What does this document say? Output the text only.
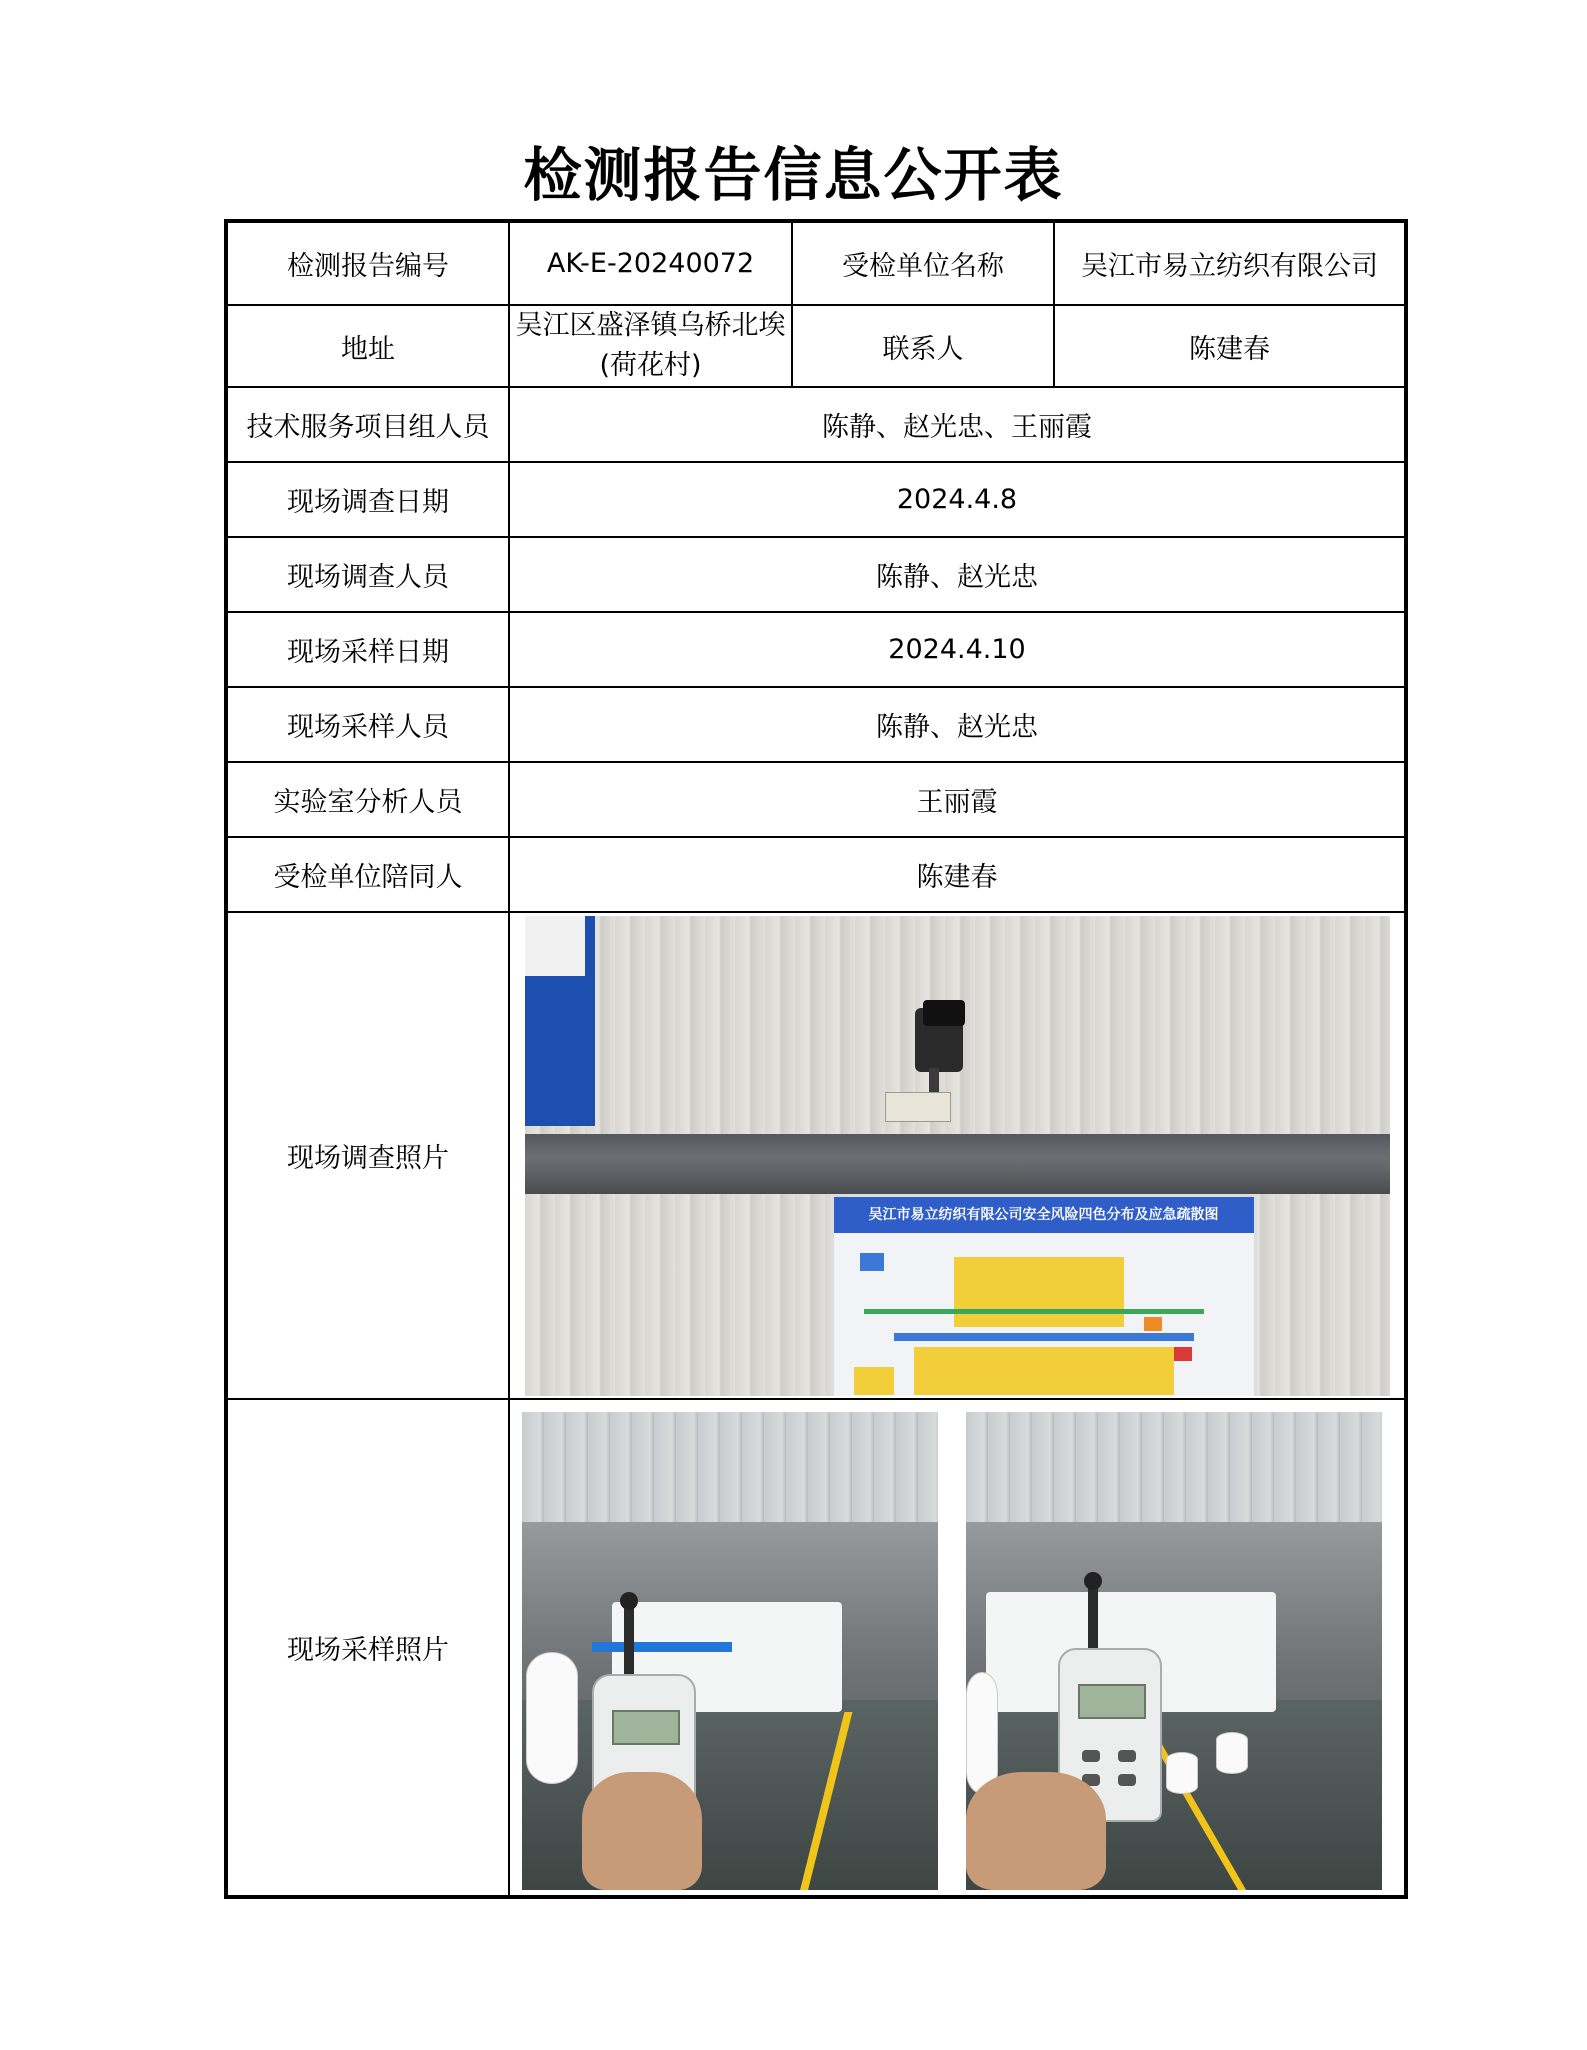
检测报告信息公开表
检测报告编号	AK-E-20240072	受检单位名称	吴江市易立纺织有限公司
地址	吴江区盛泽镇乌桥北埃(荷花村)	联系人	陈建春
技术服务项目组人员	陈静、赵光忠、王丽霞		
现场调查日期	2024.4.8		
现场调查人员	陈静、赵光忠		
现场采样日期	2024.4.10		
现场采样人员	陈静、赵光忠		
实验室分析人员	王丽霞		
受检单位陪同人	陈建春		
现场调查照片	吴江市易立纺织有限公司安全风险四色分布及应急疏散图		

现场采样照片			
